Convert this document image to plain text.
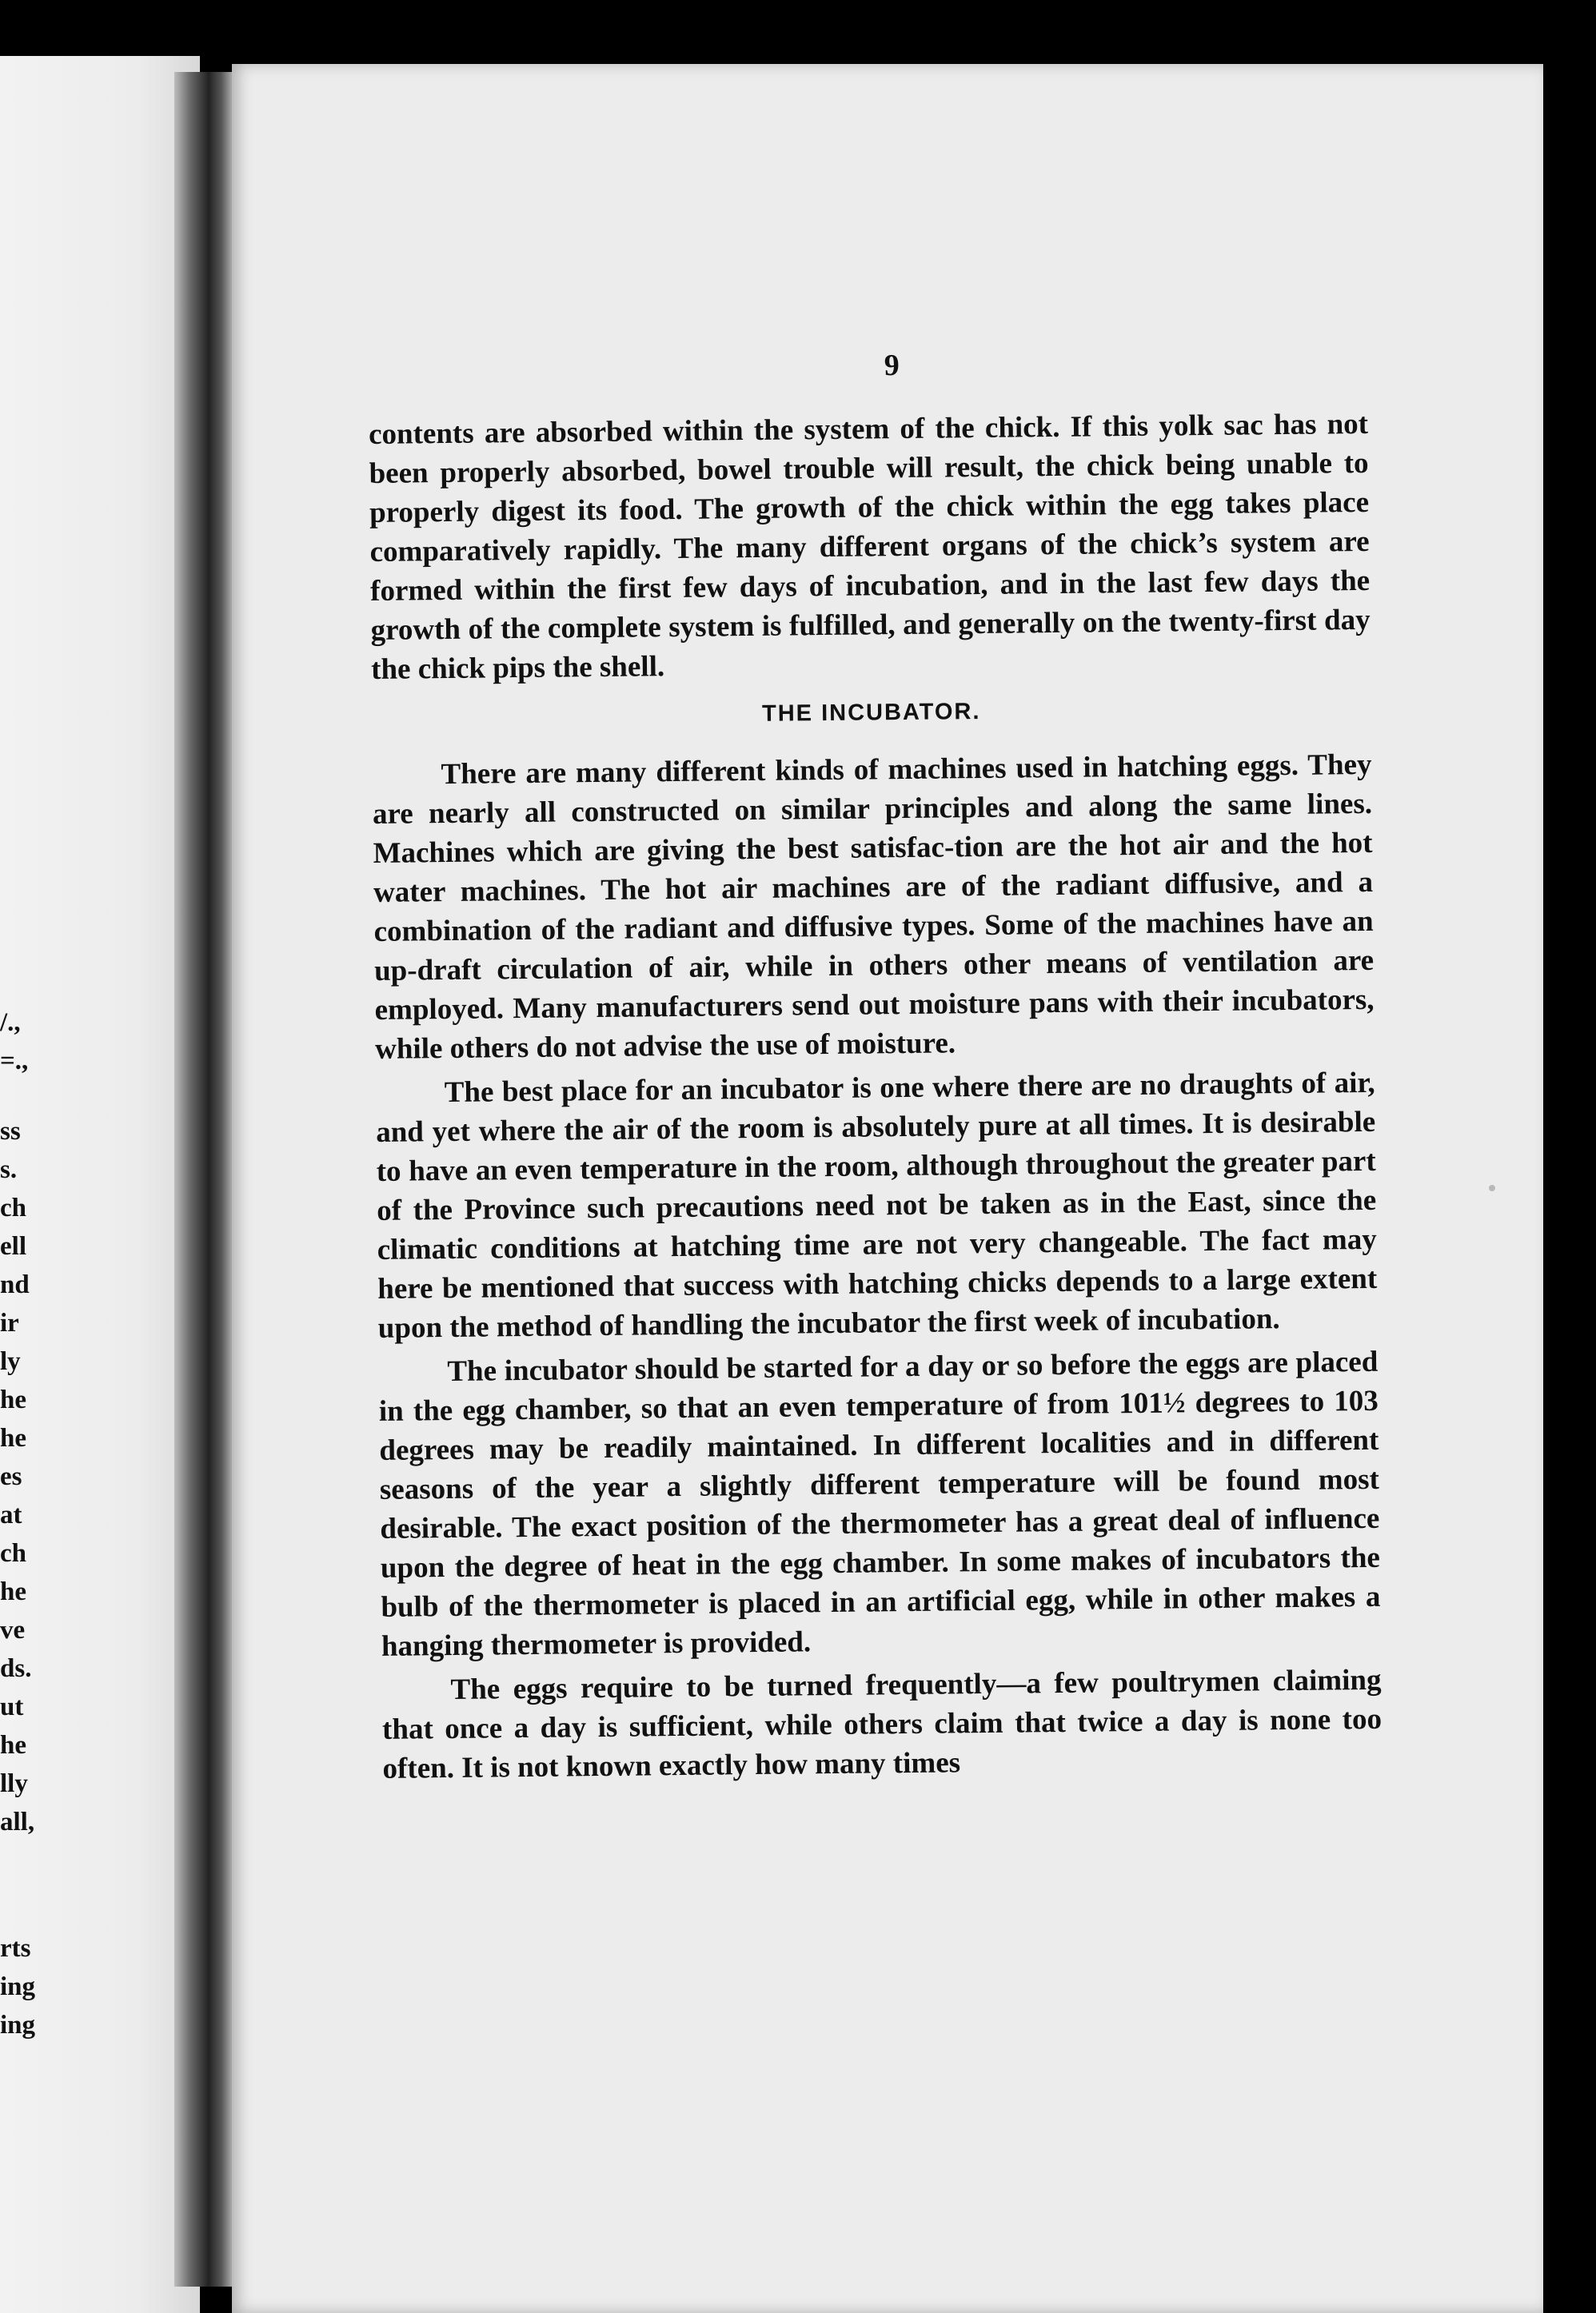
/.,
=.,
ss
s.
ch
ell
nd
ir
ly
he
he
es
at
ch
he
ve
ds.
ut
he
lly
all,
rts
ing
ing
9

contents are absorbed within the system of the chick. If this yolk sac has not been properly absorbed, bowel trouble will result, the chick being unable to properly digest its food. The growth of the chick within the egg takes place comparatively rapidly. The many different organs of the chick’s system are formed within the first few days of incubation, and in the last few days the growth of the complete system is fulfilled, and generally on the twenty-first day the chick pips the shell.

THE INCUBATOR.

There are many different kinds of machines used in hatching eggs. They are nearly all constructed on similar principles and along the same lines. Machines which are giving the best satisfac-tion are the hot air and the hot water machines. The hot air machines are of the radiant diffusive, and a combination of the radiant and diffusive types. Some of the machines have an up-draft circulation of air, while in others other means of ventilation are employed. Many manufacturers send out moisture pans with their incubators, while others do not advise the use of moisture.

The best place for an incubator is one where there are no draughts of air, and yet where the air of the room is absolutely pure at all times. It is desirable to have an even temperature in the room, although throughout the greater part of the Province such precautions need not be taken as in the East, since the climatic conditions at hatching time are not very changeable. The fact may here be mentioned that success with hatching chicks depends to a large extent upon the method of handling the incubator the first week of incubation.

The incubator should be started for a day or so before the eggs are placed in the egg chamber, so that an even temperature of from 101½ degrees to 103 degrees may be readily maintained. In different localities and in different seasons of the year a slightly different temperature will be found most desirable. The exact position of the thermometer has a great deal of influence upon the degree of heat in the egg chamber. In some makes of incubators the bulb of the thermometer is placed in an artificial egg, while in other makes a hanging thermometer is provided.

The eggs require to be turned frequently—a few poultrymen claiming that once a day is sufficient, while others claim that twice a day is none too often. It is not known exactly how many times
